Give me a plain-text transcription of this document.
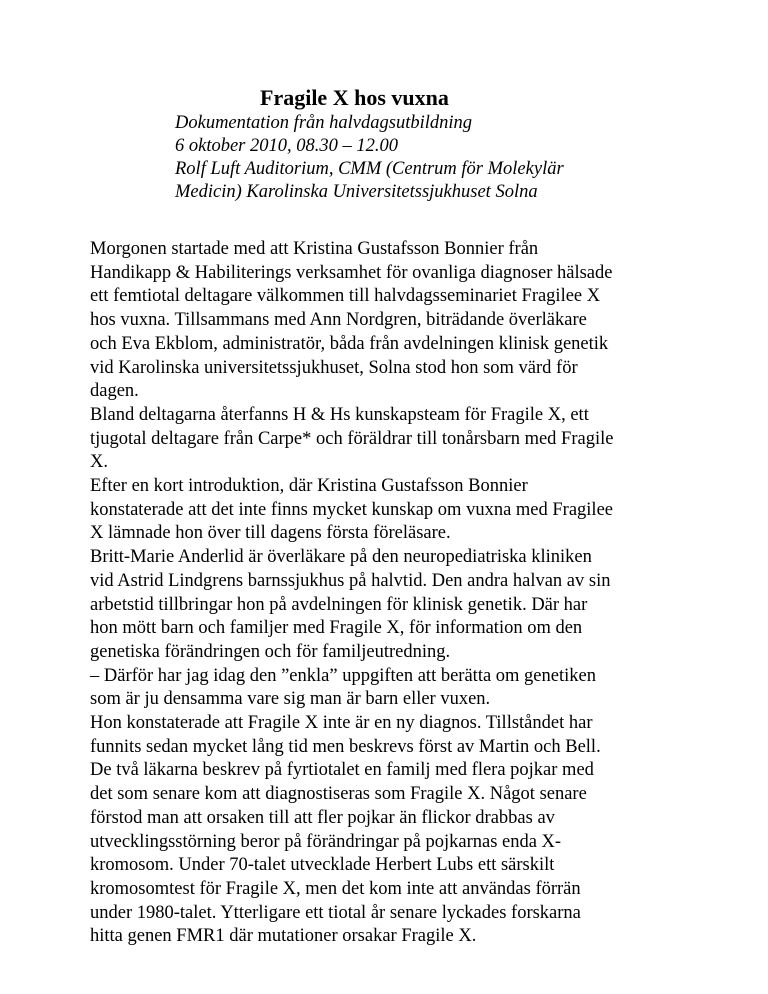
Fragile X hos vuxna
Dokumentation från halvdagsutbildning
6 oktober 2010, 08.30 – 12.00
Rolf Luft Auditorium, CMM (Centrum för Molekylär
Medicin) Karolinska Universitetssjukhuset Solna
Morgonen startade med att Kristina Gustafsson Bonnier från
Handikapp & Habiliterings verksamhet för ovanliga diagnoser hälsade
ett femtiotal deltagare välkommen till halvdagsseminariet Fragilee X
hos vuxna. Tillsammans med Ann Nordgren, biträdande överläkare
och Eva Ekblom, administratör, båda från avdelningen klinisk genetik
vid Karolinska universitetssjukhuset, Solna stod hon som värd för
dagen.
Bland deltagarna återfanns H & Hs kunskapsteam för Fragile X, ett
tjugotal deltagare från Carpe* och föräldrar till tonårsbarn med Fragile
X.
Efter en kort introduktion, där Kristina Gustafsson Bonnier
konstaterade att det inte finns mycket kunskap om vuxna med Fragilee
X lämnade hon över till dagens första föreläsare.
Britt-Marie Anderlid är överläkare på den neuropediatriska kliniken
vid Astrid Lindgrens barnssjukhus på halvtid. Den andra halvan av sin
arbetstid tillbringar hon på avdelningen för klinisk genetik. Där har
hon mött barn och familjer med Fragile X, för information om den
genetiska förändringen och för familjeutredning.
– Därför har jag idag den ”enkla” uppgiften att berätta om genetiken
som är ju densamma vare sig man är barn eller vuxen.
Hon konstaterade att Fragile X inte är en ny diagnos. Tillståndet har
funnits sedan mycket lång tid men beskrevs först av Martin och Bell.
De två läkarna beskrev på fyrtiotalet en familj med flera pojkar med
det som senare kom att diagnostiseras som Fragile X. Något senare
förstod man att orsaken till att fler pojkar än flickor drabbas av
utvecklingsstörning beror på förändringar på pojkarnas enda X-
kromosom. Under 70-talet utvecklade Herbert Lubs ett särskilt
kromosomtest för Fragile X, men det kom inte att användas förrän
under 1980-talet. Ytterligare ett tiotal år senare lyckades forskarna
hitta genen FMR1 där mutationer orsakar Fragile X.
